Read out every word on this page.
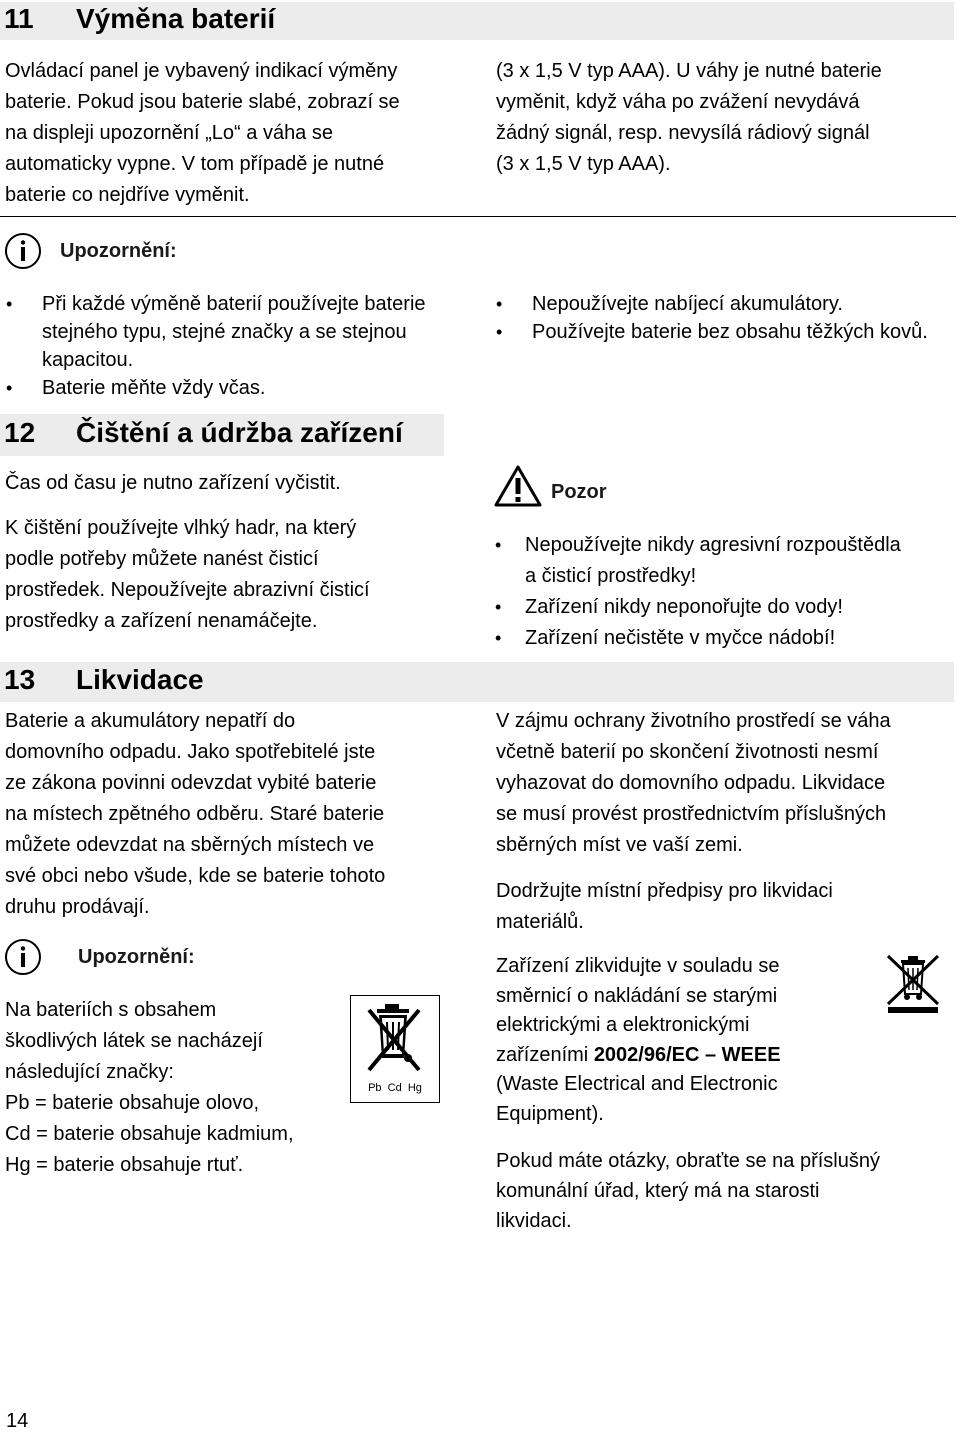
11 Výměna baterií

Ovládací panel je vybavený indikací výměny

baterie. Pokud jsou baterie slabé, zobrazí se

na displeji upozornění „Lo“ a váha se

automaticky vypne. V tom případě je nutné

baterie co nejdříve vyměnit.

(3 x 1,5 V typ AAA). U váhy je nutné baterie

vyměnit, když váha po zvážení nevydává

žádný signál, resp. nevysílá rádiový signál

(3 x 1,5 V typ AAA).

Upozornění:
• Při každé výměně baterií používejte baterie stejného typu, stejné značky a se stejnou kapacitou.
• Baterie měňte vždy včas.
• Nepoužívejte nabíjecí akumulátory.
• Používejte baterie bez obsahu těžkých kovů.
12 Čištění a údržba zařízení
Čas od času je nutno zařízení vyčistit.

K čištění používejte vlhký hadr, na který

podle potřeby můžete nanést čisticí

prostředek. Nepoužívejte abrazivní čisticí

prostředky a zařízení nenamáčejte.

Pozor
• Nepoužívejte nikdy agresivní rozpouštědla a čisticí prostředky!
• Zařízení nikdy neponořujte do vody!
• Zařízení nečistěte v myčce nádobí!
13 Likvidace

Baterie a akumulátory nepatří do

domovního odpadu. Jako spotřebitelé jste

ze zákona povinni odevzdat vybité baterie

na místech zpětného odběru. Staré baterie

můžete odevzdat na sběrných místech ve

své obci nebo všude, kde se baterie tohoto

druhu prodávají.

Upozornění:

Na bateriích s obsahem

škodlivých látek se nacházejí

následující značky:

Pb = baterie obsahuje olovo,

Cd = baterie obsahuje kadmium,

Hg = baterie obsahuje rtuť.

Pb  Cd  Hg

V zájmu ochrany životního prostředí se váha

včetně baterií po skončení životnosti nesmí

vyhazovat do domovního odpadu. Likvidace

se musí provést prostřednictvím příslušných

sběrných míst ve vaší zemi.

Dodržujte místní předpisy pro likvidaci

materiálů.

Zařízení zlikvidujte v souladu se

směrnicí o nakládání se starými

elektrickými a elektronickými

zařízeními 2002/96/EC – WEEE

(Waste Electrical and Electronic

Equipment).

Pokud máte otázky, obraťte se na příslušný

komunální úřad, který má na starosti

likvidaci.

14
